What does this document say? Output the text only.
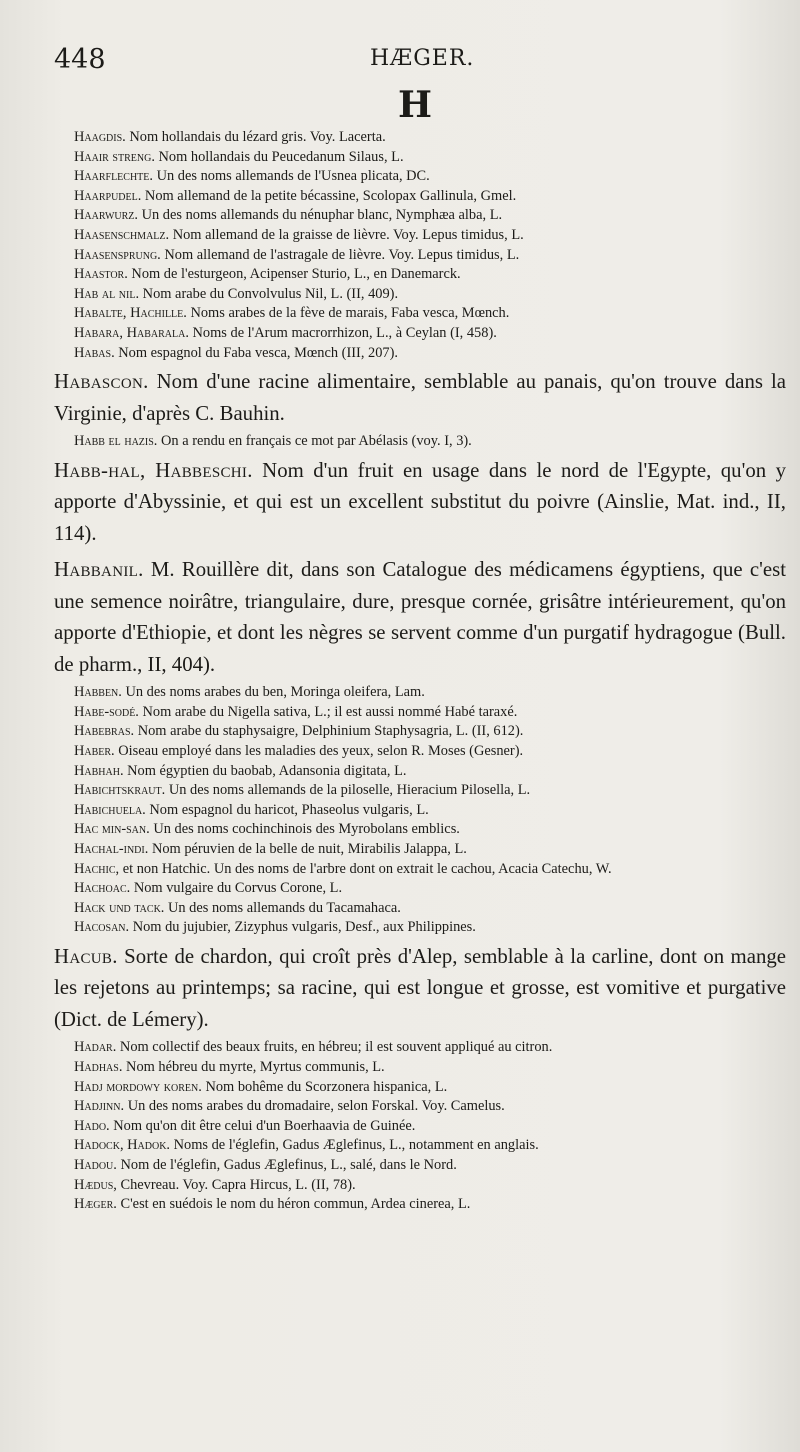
448	HÆGER.
H

Haagdis. Nom hollandais du lézard gris. Voy. Lacerta.

Haair streng. Nom hollandais du Peucedanum Silaus, L.

Haarflechte. Un des noms allemands de l'Usnea plicata, DC.

Haarpudel. Nom allemand de la petite bécassine, Scolopax Gallinula, Gmel.

Haarwurz. Un des noms allemands du nénuphar blanc, Nymphæa alba, L.

Haasenschmalz. Nom allemand de la graisse de lièvre. Voy. Lepus timidus, L.

Haasensprung. Nom allemand de l'astragale de lièvre. Voy. Lepus timidus, L.

Haastor. Nom de l'esturgeon, Acipenser Sturio, L., en Danemarck.

Hab al nil. Nom arabe du Convolvulus Nil, L. (II, 409).

Habalte, Hachille. Noms arabes de la fève de marais, Faba vesca, Mœnch.

Habara, Habarala. Noms de l'Arum macrorrhizon, L., à Ceylan (I, 458).

Habas. Nom espagnol du Faba vesca, Mœnch (III, 207).

Habascon. Nom d'une racine alimentaire, semblable au panais, qu'on trouve dans la Virginie, d'après C. Bauhin.

Habb el hazis. On a rendu en français ce mot par Abélasis (voy. I, 3).

Habb-hal, Habbeschi. Nom d'un fruit en usage dans le nord de l'Egypte, qu'on y apporte d'Abyssinie, et qui est un excellent substitut du poivre (Ainslie, Mat. ind., II, 114).

Habbanil. M. Rouillère dit, dans son Catalogue des médicamens égyptiens, que c'est une semence noirâtre, triangulaire, dure, presque cornée, grisâtre intérieurement, qu'on apporte d'Ethiopie, et dont les nègres se servent comme d'un purgatif hydragogue (Bull. de pharm., II, 404).

Habben. Un des noms arabes du ben, Moringa oleifera, Lam.

Habe-sodé. Nom arabe du Nigella sativa, L.; il est aussi nommé Habé taraxé.

Habebras. Nom arabe du staphysaigre, Delphinium Staphysagria, L. (II, 612).

Haber. Oiseau employé dans les maladies des yeux, selon R. Moses (Gesner).

Habhah. Nom égyptien du baobab, Adansonia digitata, L.

Habichtskraut. Un des noms allemands de la piloselle, Hieracium Pilosella, L.

Habichuela. Nom espagnol du haricot, Phaseolus vulgaris, L.

Hac min-san. Un des noms cochinchinois des Myrobolans emblics.

Hachal-indi. Nom péruvien de la belle de nuit, Mirabilis Jalappa, L.

Hachic, et non Hatchic. Un des noms de l'arbre dont on extrait le cachou, Acacia Catechu, W.

Hachoac. Nom vulgaire du Corvus Corone, L.

Hack und tack. Un des noms allemands du Tacamahaca.

Hacosan. Nom du jujubier, Zizyphus vulgaris, Desf., aux Philippines.

Hacub. Sorte de chardon, qui croît près d'Alep, semblable à la carline, dont on mange les rejetons au printemps; sa racine, qui est longue et grosse, est vomitive et purgative (Dict. de Lémery).

Hadar. Nom collectif des beaux fruits, en hébreu; il est souvent appliqué au citron.

Hadhas. Nom hébreu du myrte, Myrtus communis, L.

Hadj mordowy koren. Nom bohême du Scorzonera hispanica, L.

Hadjinn. Un des noms arabes du dromadaire, selon Forskal. Voy. Camelus.

Hado. Nom qu'on dit être celui d'un Boerhaavia de Guinée.

Hadock, Hadok. Noms de l'églefin, Gadus Æglefinus, L., notamment en anglais.

Hadou. Nom de l'églefin, Gadus Æglefinus, L., salé, dans le Nord.

Hædus, Chevreau. Voy. Capra Hircus, L. (II, 78).

Hæger. C'est en suédois le nom du héron commun, Ardea cinerea, L.
